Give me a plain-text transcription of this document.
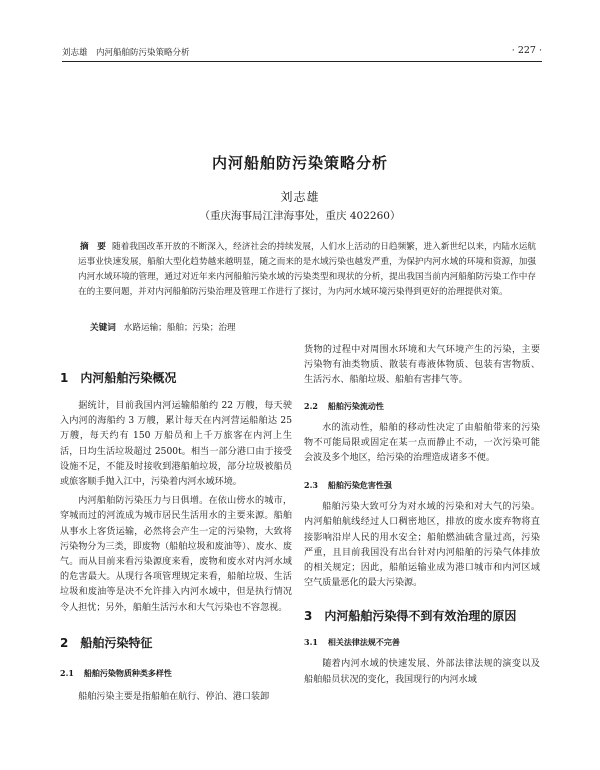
刘志雄　内河船舶防污染策略分析	· 227 ·
内河船舶防污染策略分析
刘志雄
（重庆海事局江津海事处，重庆 402260）

摘　要 随着我国改革开放的不断深入，经济社会的持续发展，人们水上活动的日趋频繁，进入新世纪以来，内陆水运航运事业快速发展，船舶大型化趋势越来越明显，随之而来的是水域污染也越发严重，为保护内河水域的环境和资源，加强内河水域环境的管理，通过对近年来内河船舶污染水域的污染类型和现状的分析，提出我国当前内河船舶防污染工作中存在的主要问题，并对内河船舶防污染治理及管理工作进行了探讨，为内河水域环境污染得到更好的治理提供对策。

关键词 水路运输；船舶；污染；治理

1 内河船舶污染概况

据统计，目前我国内河运输船舶约 22 万艘，每天驶入内河的海船约 3 万艘，累计每天在内河营运船舶达 25 万艘，每天约有 150 万船员和上千万旅客在内河上生活，日均生活垃圾超过 2500t。相当一部分港口由于接受设施不足，不能及时接收到港船舶垃圾，部分垃圾被船员或旅客顺手抛入江中，污染着内河水域环境。

内河船舶防污染压力与日俱增。在依山傍水的城市，穿城而过的河流成为城市居民生活用水的主要来源。船舶从事水上客货运输，必然将会产生一定的污染物，大致将污染物分为三类，即废物（船舶垃圾和废油等）、废水、废气。而从目前来看污染源度来看，废物和废水对内河水域的危害最大。从现行各项管理规定来看，船舶垃圾、生活垃圾和废油等是决不允许排入内河水域中，但是执行情况令人担忧；另外，船舶生活污水和大气污染也不容忽视。

2 船舶污染特征
2.1 船舶污染物质种类多样性

船舶污染主要是指船舶在航行、停泊、港口装卸

货物的过程中对周围水环境和大气环境产生的污染，主要污染物有油类物质、散装有毒液体物质、包装有害物质、生活污水、船舶垃圾、船舶有害排气等。

2.2 船舶污染流动性

水的流动性，船舶的移动性决定了由船舶带来的污染物不可能局限或固定在某一点而静止不动，一次污染可能会波及多个地区，给污染的治理造成诸多不便。

2.3 船舶污染危害性强

船舶污染大致可分为对水域的污染和对大气的污染。内河船舶航线经过人口稠密地区，排放的废水废弃物将直接影响沿岸人民的用水安全；船舶燃油硫含量过高，污染严重，且目前我国没有出台针对内河船舶的污染气体排放的相关规定；因此，船舶运输业成为港口城市和内河区域空气质量恶化的最大污染源。

3 内河船舶污染得不到有效治理的原因
3.1 相关法律法规不完善

随着内河水域的快速发展、外部法律法规的演变以及船舶船员状况的变化，我国现行的内河水域
